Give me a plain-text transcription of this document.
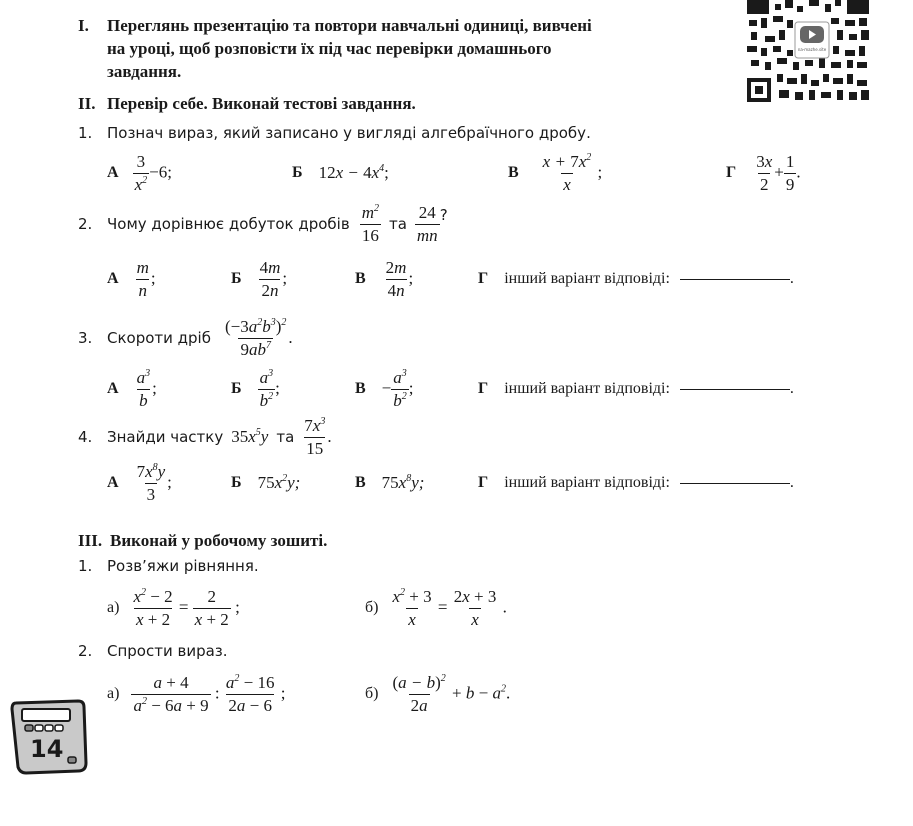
I. Переглянь презентацію та повтори навчальні одиниці, вивчені
на уроці, щоб розповісти їх під час перевірки домашнього
завдання.
na-mazhe.site
II. Перевір себе. Виконай тестові завдання.
1. Познач вираз, який записано у вигляді алгебраїчного дробу.
А $\frac{3}{x^2} -6$;	Б $12x - 4x^4$;	В $\frac{x + 7x^2}{x}$ ;	Г $\frac{3x}{2} + \frac{1}{9}$ .
2. Чому дорівнює добуток дробів $\frac{m^2}{16}$ та $\frac{24}{mn}$ ?
А $\frac{m}{n}$ ;	Б $\frac{4m}{2n}$ ;	В $\frac{2m}{4n}$ ;	Г інший варіант відповіді:	.
3. Скороти дріб $\frac{(-3a^2b^3)^2}{9ab^7}$ .
А $\frac{a^3}{b}$ ;	Б $\frac{a^3}{b^2}$ ;	$В - \frac{a^3}{b^2}$ ;	Г інший варіант відповіді:	.
4. Знайди частку $35x^5y$ та $\frac{7x^3}{15}$ .
А $\frac{7x^8y}{3}$ ;	Б $75x^2y$;	В $75x^8y$;	Г інший варіант відповіді:	.
III. Виконай у робочому зошиті.
1. Розв’яжи рівняння.
$а) \frac{x^2 - 2}{x + 2} = \frac{2}{x + 2}$ ;	$б) \frac{x^2 + 3}{x} = \frac{2x + 3}{x}$ .
2. Спрости вираз.
$а) \frac{a + 4}{a^2 - 6a + 9}$ : $\frac{a^2 - 16}{2a - 6}$ ;	$б) \frac{(a - b)^2}{2a} + b - a^2$.
14
